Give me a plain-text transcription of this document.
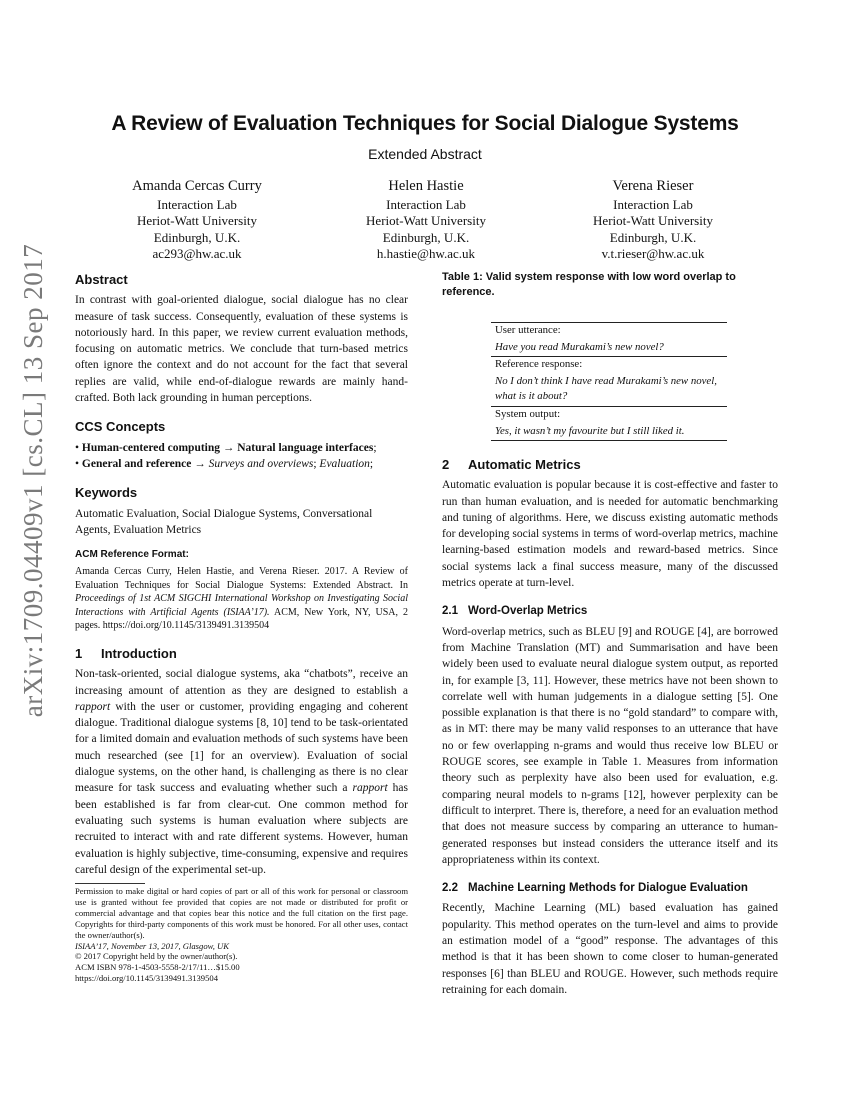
arXiv:1709.04409v1 [cs.CL] 13 Sep 2017
A Review of Evaluation Techniques for Social Dialogue Systems
Extended Abstract
Amanda Cercas Curry
Interaction Lab
Heriot-Watt University
Edinburgh, U.K.
ac293@hw.ac.uk
Helen Hastie
Interaction Lab
Heriot-Watt University
Edinburgh, U.K.
h.hastie@hw.ac.uk
Verena Rieser
Interaction Lab
Heriot-Watt University
Edinburgh, U.K.
v.t.rieser@hw.ac.uk
Abstract

In contrast with goal-oriented dialogue, social dialogue has no clear measure of task success. Consequently, evaluation of these systems is notoriously hard. In this paper, we review current evaluation methods, focusing on automatic metrics. We conclude that turn-based metrics often ignore the context and do not account for the fact that several replies are valid, while end-of-dialogue rewards are mainly hand-crafted. Both lack grounding in human perceptions.

CCS Concepts

• Human-centered computing → Natural language interfaces;

• General and reference → Surveys and overviews; Evaluation;

Keywords

Automatic Evaluation, Social Dialogue Systems, Conversational Agents, Evaluation Metrics

ACM Reference Format:

Amanda Cercas Curry, Helen Hastie, and Verena Rieser. 2017. A Review of Evaluation Techniques for Social Dialogue Systems: Extended Abstract. In Proceedings of 1st ACM SIGCHI International Workshop on Investigating Social Interactions with Artificial Agents (ISIAA’17). ACM, New York, NY, USA, 2 pages. https://doi.org/10.1145/3139491.3139504

1 Introduction

Non-task-oriented, social dialogue systems, aka “chatbots”, receive an increasing amount of attention as they are designed to establish a rapport with the user or customer, providing engaging and coherent dialogue. Traditional dialogue systems [8, 10] tend to be task-orientated for a limited domain and evaluation methods of such systems have been much researched (see [1] for an overview). Evaluation of social dialogue systems, on the other hand, is challenging as there is no clear measure for task success and evaluating whether such a rapport has been established is far from clear-cut. One common method for evaluating such systems is human evaluation where subjects are recruited to interact with and rate different systems. However, human evaluation is highly subjective, time-consuming, expensive and requires careful design of the experimental set-up.

Permission to make digital or hard copies of part or all of this work for personal or classroom use is granted without fee provided that copies are not made or distributed for profit or commercial advantage and that copies bear this notice and the full citation on the first page. Copyrights for third-party components of this work must be honored. For all other uses, contact the owner/author(s).

ISIAA’17, November 13, 2017, Glasgow, UK

© 2017 Copyright held by the owner/author(s).

ACM ISBN 978-1-4503-5558-2/17/11…$15.00

https://doi.org/10.1145/3139491.3139504

Table 1: Valid system response with low word overlap to reference.

User utterance:
Have you read Murakami’s new novel?
Reference response:
No I don’t think I have read Murakami’s new novel, what is it about?
System output:
Yes, it wasn’t my favourite but I still liked it.
2 Automatic Metrics

Automatic evaluation is popular because it is cost-effective and faster to run than human evaluation, and is needed for automatic benchmarking and tuning of algorithms. Here, we discuss existing automatic methods for developing social systems in terms of word-overlap metrics, machine learning-based estimation models and reward-based metrics. Since social systems lack a final success measure, many of the discussed metrics operate at turn-level.

2.1 Word-Overlap Metrics

Word-overlap metrics, such as BLEU [9] and ROUGE [4], are borrowed from Machine Translation (MT) and Summarisation and have been widely been used to evaluate neural dialogue system output, as reported in, for example [3, 11]. However, these metrics have not been shown to correlate well with human judgements in a dialogue setting [5]. One possible explanation is that there is no “gold standard” to compare with, as in MT: there may be many valid responses to an utterance that have no or few overlapping n-grams and would thus receive low BLEU or ROUGE scores, see example in Table 1. Measures from information theory such as perplexity have also been used for evaluation, e.g. comparing neural models to n-grams [12], however perplexity can be difficult to interpret. There is, therefore, a need for an evaluation method that does not measure success by comparing an utterance to human-generated responses but instead considers the utterance itself and its appropriateness within its context.

2.2 Machine Learning Methods for Dialogue Evaluation

Recently, Machine Learning (ML) based evaluation has gained popularity. This method operates on the turn-level and aims to provide an estimation model of a “good” response. The advantages of this method is that it has been shown to come closer to human-generated responses [6] than BLEU and ROUGE. However, such methods require retraining for each domain.
